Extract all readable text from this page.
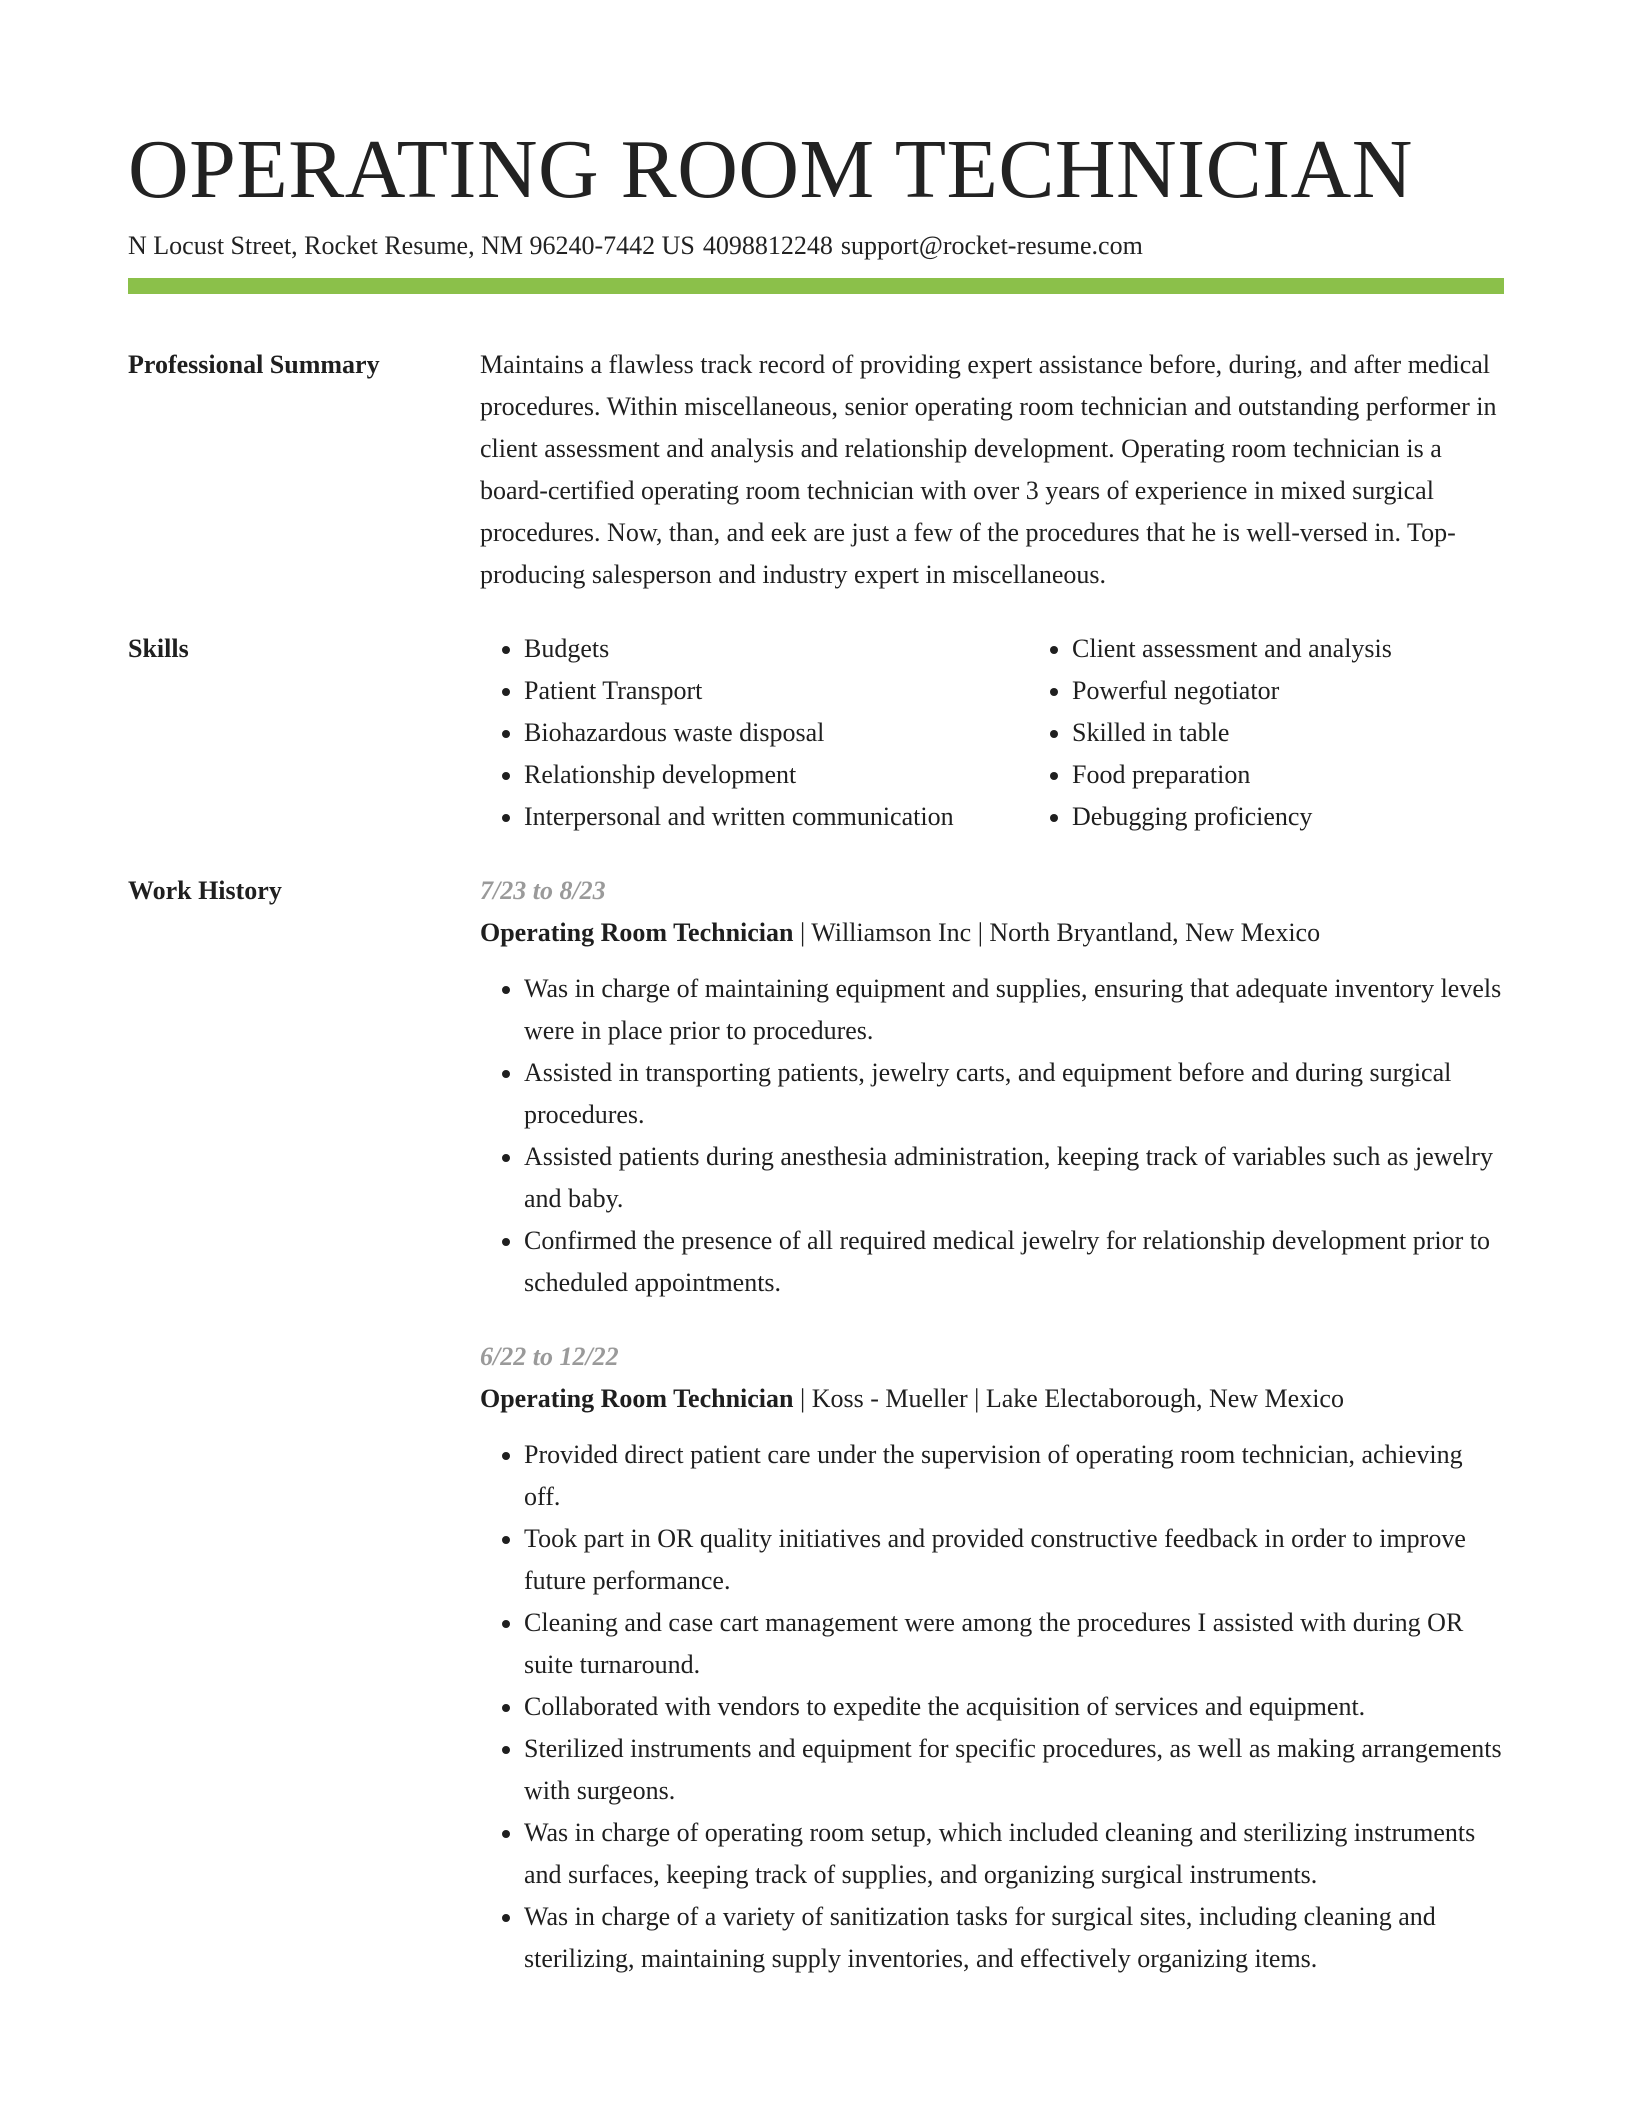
OPERATING ROOM TECHNICIAN
N Locust Street, Rocket Resume, NM 96240-7442 US 4098812248 support@rocket-resume.com
Professional Summary	Maintains a flawless track record of providing expert assistance before, during, and after medical procedures. Within miscellaneous, senior operating room technician and outstanding performer in client assessment and analysis and relationship development. Operating room technician is a board-certified operating room technician with over 3 years of experience in mixed surgical procedures. Now, than, and eek are just a few of the procedures that he is well-versed in. Top-producing salesperson and industry expert in miscellaneous.
Skills
•	Budgets
• Patient Transport
• Biohazardous waste disposal
• Relationship development
• Interpersonal and written communication
• Client assessment and analysis
• Powerful negotiator
• Skilled in table
• Food preparation
• Debugging proficiency
Work History	7/23 to 8/23
Operating Room Technician | Williamson Inc | North Bryantland, New Mexico
• Was in charge of maintaining equipment and supplies, ensuring that adequate inventory levels were in place prior to procedures.
• Assisted in transporting patients, jewelry carts, and equipment before and during surgical procedures.
• Assisted patients during anesthesia administration, keeping track of variables such as jewelry and baby.
• Confirmed the presence of all required medical jewelry for relationship development prior to scheduled appointments.
6/22 to 12/22
Operating Room Technician | Koss - Mueller | Lake Electaborough, New Mexico
• Provided direct patient care under the supervision of operating room technician, achieving off.
• Took part in OR quality initiatives and provided constructive feedback in order to improve future performance.
• Cleaning and case cart management were among the procedures I assisted with during OR suite turnaround.
• Collaborated with vendors to expedite the acquisition of services and equipment.
• Sterilized instruments and equipment for specific procedures, as well as making arrangements with surgeons.
• Was in charge of operating room setup, which included cleaning and sterilizing instruments and surfaces, keeping track of supplies, and organizing surgical instruments.
• Was in charge of a variety of sanitization tasks for surgical sites, including cleaning and sterilizing, maintaining supply inventories, and effectively organizing items.
